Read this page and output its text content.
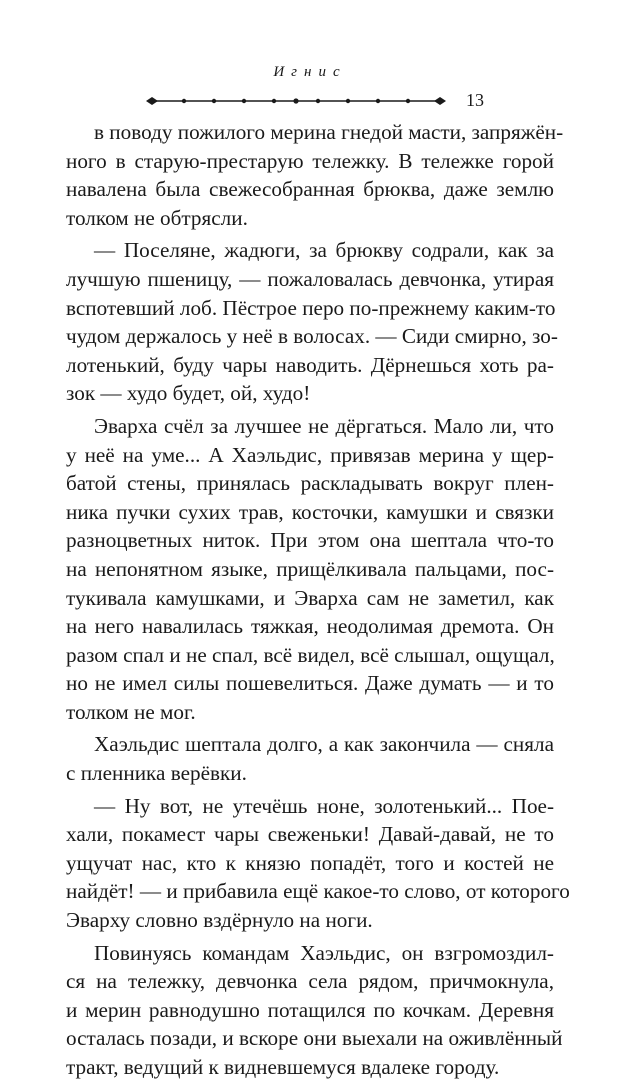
Игнис
13
в поводу пожилого мерина гнедой масти, запряжён-
ного в старую-престарую тележку. В тележке горой
навалена была свежесобранная брюква, даже землю
толком не обтрясли.
— Поселяне, жадюги, за брюкву содрали, как за
лучшую пшеницу, — пожаловалась девчонка, утирая
вспотевший лоб. Пёстрое перо по-прежнему каким-то
чудом держалось у неё в волосах. — Сиди смирно, зо-
лотенький, буду чары наводить. Дёрнешься хоть ра-
зок — худо будет, ой, худо!
Эварха счёл за лучшее не дёргаться. Мало ли, что
у неё на уме... А Хаэльдис, привязав мерина у щер-
батой стены, принялась раскладывать вокруг плен-
ника пучки сухих трав, косточки, камушки и связки
разноцветных ниток. При этом она шептала что-то
на непонятном языке, прищёлкивала пальцами, пос-
тукивала камушками, и Эварха сам не заметил, как
на него навалилась тяжкая, неодолимая дремота. Он
разом спал и не спал, всё видел, всё слышал, ощущал,
но не имел силы пошевелиться. Даже думать — и то
толком не мог.
Хаэльдис шептала долго, а как закончила — сняла
с пленника верёвки.
— Ну вот, не утечёшь ноне, золотенький... Поe-
хали, покамест чары свеженьки! Давай-давай, не то
ущучат нас, кто к князю попадёт, того и костей не
найдёт! — и прибавила ещё какое-то слово, от которого
Эварху словно вздёрнуло на ноги.
Повинуясь командам Хаэльдис, он взгромоздил-
ся на тележку, девчонка села рядом, причмокнула,
и мерин равнодушно потащился по кочкам. Деревня
осталась позади, и вскоре они выехали на оживлённый
тракт, ведущий к видневшемуся вдалеке городу.
